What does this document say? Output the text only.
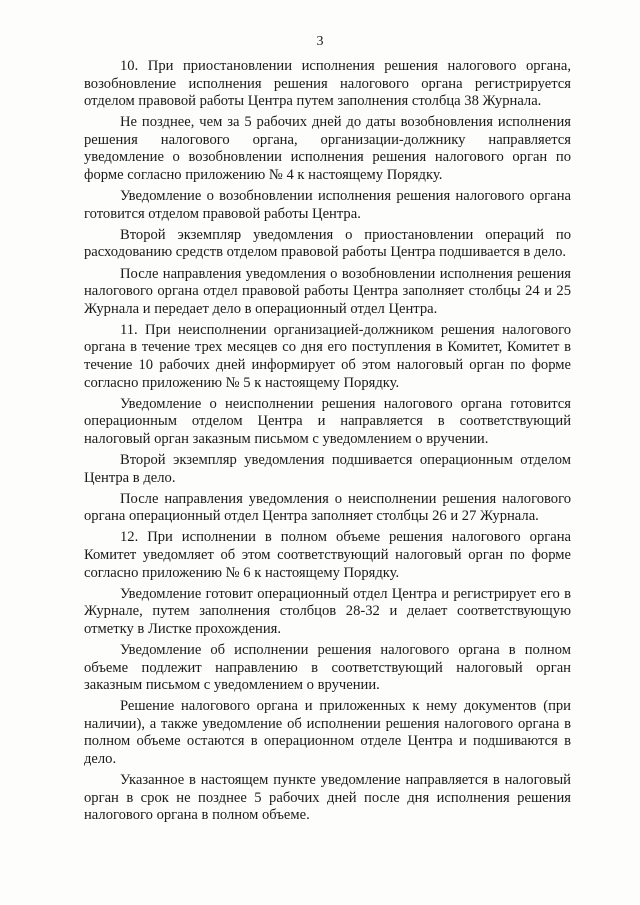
3

10. При приостановлении исполнения решения налогового органа, возобновление исполнения решения налогового органа регистрируется отделом правовой работы Центра путем заполнения столбца 38 Журнала.

Не позднее, чем за 5 рабочих дней до даты возобновления исполнения решения налогового органа, организации-должнику направляется уведомление о возобновлении исполнения решения налогового орган по форме согласно приложению № 4 к настоящему Порядку.

Уведомление о возобновлении исполнения решения налогового органа готовится отделом правовой работы Центра.

Второй экземпляр уведомления о приостановлении операций по расходованию средств отделом правовой работы Центра подшивается в дело.

После направления уведомления о возобновлении исполнения решения налогового органа отдел правовой работы Центра заполняет столбцы 24 и 25 Журнала и передает дело в операционный отдел Центра.

11. При неисполнении организацией-должником решения налогового органа в течение трех месяцев со дня его поступления в Комитет, Комитет в течение 10 рабочих дней информирует об этом налоговый орган по форме согласно приложению № 5 к настоящему Порядку.

Уведомление о неисполнении решения налогового органа готовится операционным отделом Центра и направляется в соответствующий налоговый орган заказным письмом с уведомлением о вручении.

Второй экземпляр уведомления подшивается операционным отделом Центра в дело.

После направления уведомления о неисполнении решения налогового органа операционный отдел Центра заполняет столбцы 26 и 27 Журнала.

12. При исполнении в полном объеме решения налогового органа Комитет уведомляет об этом соответствующий налоговый орган по форме согласно приложению № 6 к настоящему Порядку.

Уведомление готовит операционный отдел Центра и регистрирует его в Журнале, путем заполнения столбцов 28-32 и делает соответствующую отметку в Листке прохождения.

Уведомление об исполнении решения налогового органа в полном объеме подлежит направлению в соответствующий налоговый орган заказным письмом с уведомлением о вручении.

Решение налогового органа и приложенных к нему документов (при наличии), а также уведомление об исполнении решения налогового органа в полном объеме остаются в операционном отделе Центра и подшиваются в дело.

Указанное в настоящем пункте уведомление направляется в налоговый орган в срок не позднее 5 рабочих дней после дня исполнения решения налогового органа в полном объеме.
